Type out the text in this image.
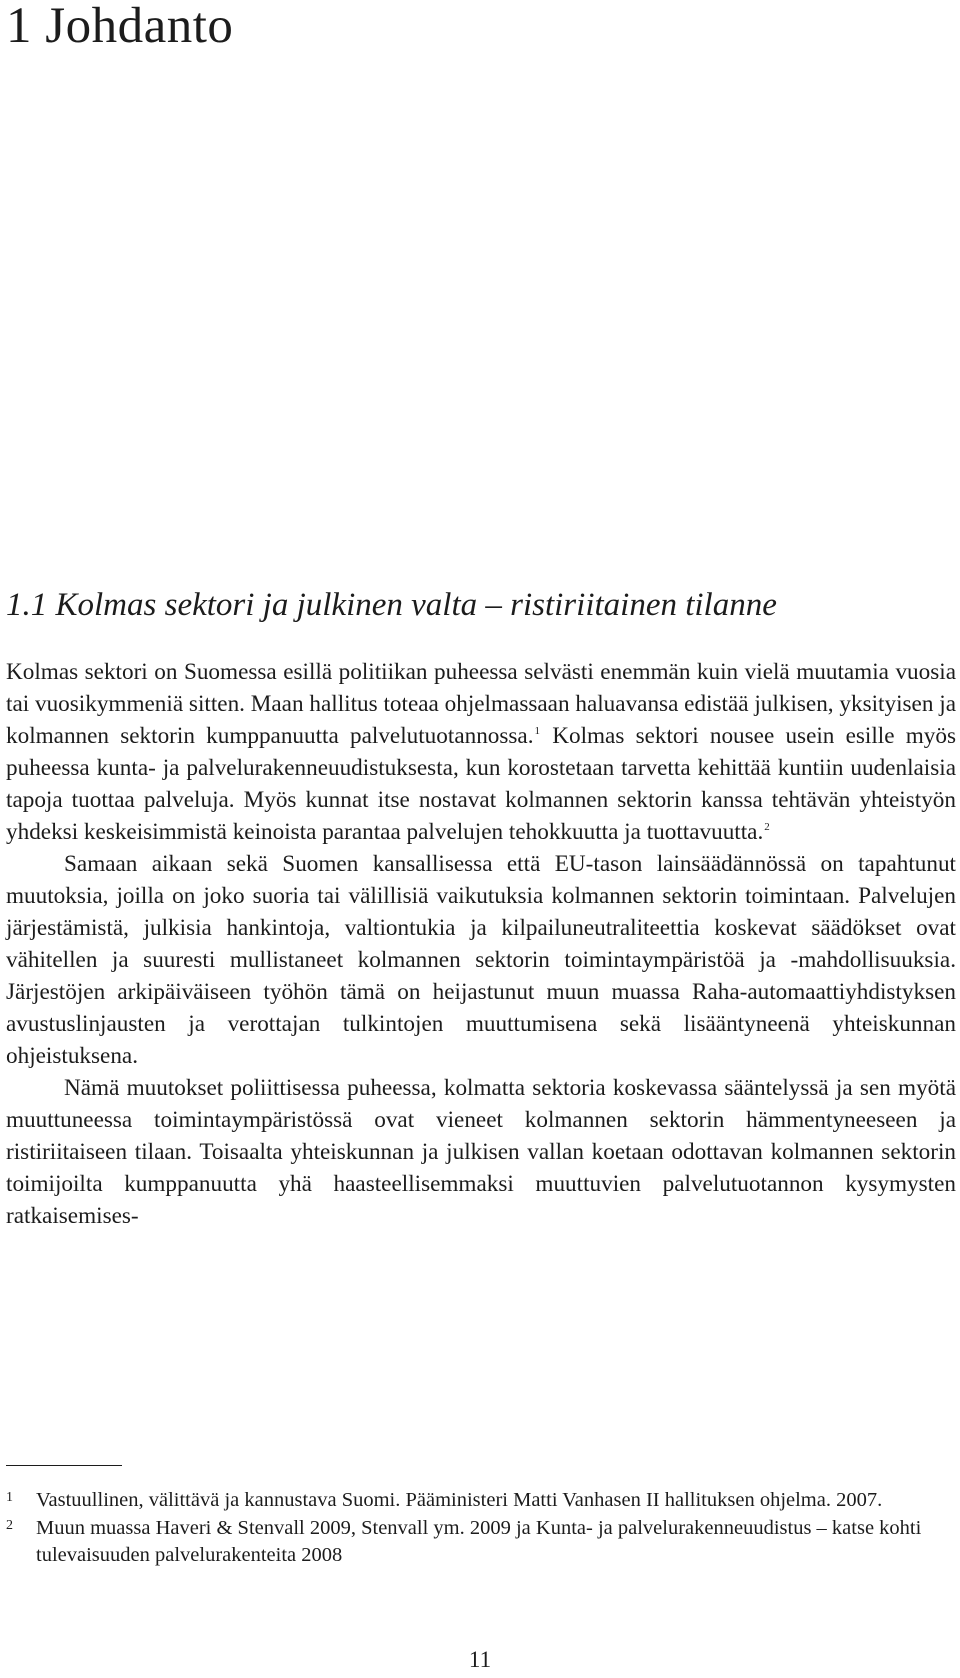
1 Johdanto
1.1 Kolmas sektori ja julkinen valta – ristiriitainen tilanne

Kolmas sektori on Suomessa esillä politiikan puheessa selvästi enemmän kuin vielä muutamia vuosia tai vuosikymmeniä sitten. Maan hallitus toteaa ohjelmassaan haluavansa edistää julkisen, yksityisen ja kolmannen sektorin kumppanuutta palvelutuotannossa.$^1$ Kolmas sektori nousee usein esille myös puheessa kunta- ja palvelurakenneuudistuksesta, kun korostetaan tarvetta kehittää kuntiin uudenlaisia tapoja tuottaa palveluja. Myös kunnat itse nostavat kolmannen sektorin kanssa tehtävän yhteistyön yhdeksi keskeisimmistä keinoista parantaa palvelujen tehokkuutta ja tuottavuutta.$^2$

Samaan aikaan sekä Suomen kansallisessa että EU-tason lainsäädännössä on tapahtunut muutoksia, joilla on joko suoria tai välillisiä vaikutuksia kolmannen sektorin toimintaan. Palvelujen järjestämistä, julkisia hankintoja, valtiontukia ja kilpailuneutraliteettia koskevat säädökset ovat vähitellen ja suuresti mullistaneet kolmannen sektorin toimintaympäristöä ja -mahdollisuuksia. Järjestöjen arkipäiväiseen työhön tämä on heijastunut muun muassa Raha-automaattiyhdistyksen avustuslinjausten ja verottajan tulkintojen muuttumisena sekä lisääntyneenä yhteiskunnan ohjeistuksena.

Nämä muutokset poliittisessa puheessa, kolmatta sektoria koskevassa sääntelyssä ja sen myötä muuttuneessa toimintaympäristössä ovat vieneet kolmannen sektorin hämmentyneeseen ja ristiriitaiseen tilaan. Toisaalta yhteiskunnan ja julkisen vallan koetaan odottavan kolmannen sektorin toimijoilta kumppanuutta yhä haasteellisemmaksi muuttuvien palvelutuotannon kysymysten ratkaisemises-

1	Vastuullinen, välittävä ja kannustava Suomi. Pääministeri Matti Vanhasen II hallituksen ohjelma. 2007.
2	Muun muassa Haveri & Stenvall 2009, Stenvall ym. 2009 ja Kunta- ja palvelurakenneuudistus – katse kohti tulevaisuuden palvelurakenteita 2008
11
